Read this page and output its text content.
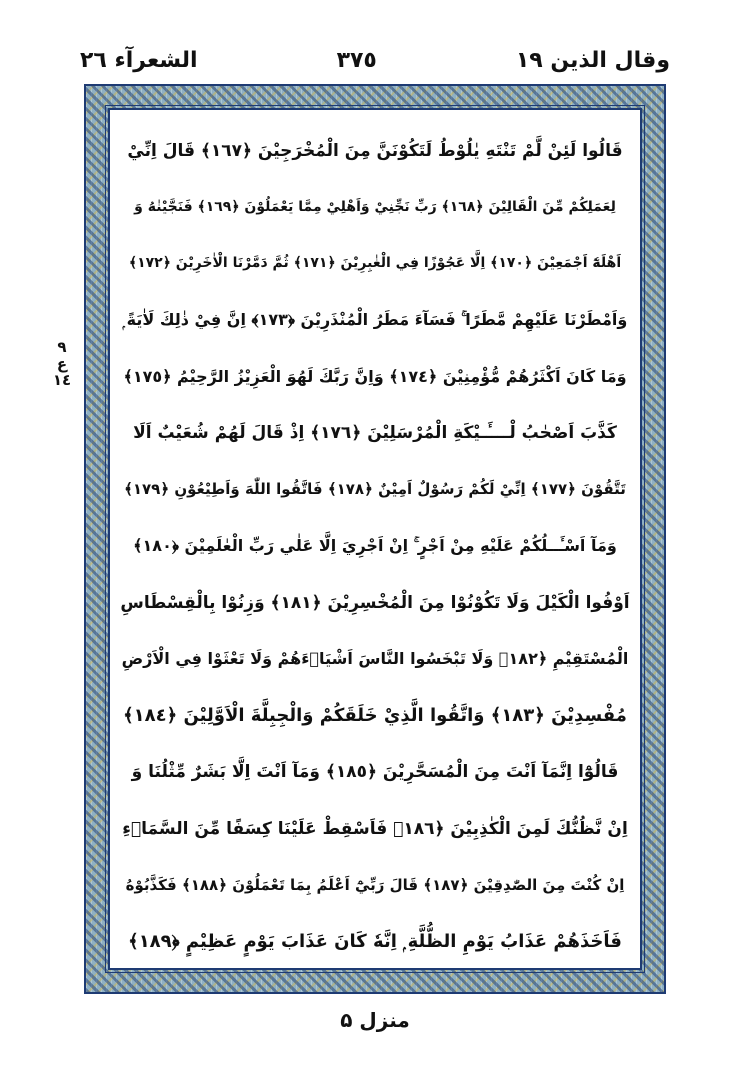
وقال الذین ١٩
٣٧٥
الشعرآء ٢٦
٩
ع
١٤
قَالُوا لَئِنْ لَّمْ تَنْتَهِ يٰلُوْطُ لَتَكُوْنَنَّ مِنَ الْمُخْرَجِيْنَ ﴿١٦٧﴾ قَالَ اِنِّيْ
لِعَمَلِكُمْ مِّنَ الْقَالِيْنَ ﴿١٦٨﴾ رَبِّ نَجِّنِيْ وَاَهْلِيْ مِمَّا يَعْمَلُوْنَ ﴿١٦٩﴾ فَنَجَّيْنٰهُ وَ
اَهْلَهٗٓ اَجْمَعِيْنَ ﴿١٧٠﴾ اِلَّا عَجُوْزًا فِي الْغٰبِرِيْنَ ﴿١٧١﴾ ثُمَّ دَمَّرْنَا الْاٰخَرِيْنَ ﴿١٧٢﴾
وَاَمْطَرْنَا عَلَيْهِمْ مَّطَرًا ۚ فَسَآءَ مَطَرُ الْمُنْذَرِيْنَ ﴿١٧٣﴾ اِنَّ فِيْ ذٰلِكَ لَاٰيَةً ۭ
وَمَا كَانَ اَكْثَرُهُمْ مُّؤْمِنِيْنَ ﴿١٧٤﴾ وَاِنَّ رَبَّكَ لَهُوَ الْعَزِيْزُ الرَّحِيْمُ ﴿١٧٥﴾
كَذَّبَ اَصْحٰبُ لْــــَٔـيْكَةِ الْمُرْسَلِيْنَ ﴿١٧٦﴾ اِذْ قَالَ لَهُمْ شُعَيْبٌ اَلَا
تَتَّقُوْنَ ﴿١٧٧﴾ اِنِّيْ لَكُمْ رَسُوْلٌ اَمِيْنٌ ﴿١٧٨﴾ فَاتَّقُوا اللّٰهَ وَاَطِيْعُوْنِ ﴿١٧٩﴾
وَمَآ اَسْـَٔــلُكُمْ عَلَيْهِ مِنْ اَجْرٍ ۚ اِنْ اَجْرِيَ اِلَّا عَلٰي رَبِّ الْعٰلَمِيْنَ ﴿١٨٠﴾
اَوْفُوا الْكَيْلَ وَلَا تَكُوْنُوْا مِنَ الْمُخْسِرِيْنَ ﴿١٨١﴾ وَزِنُوْا بِالْقِسْطَاسِ
الْمُسْتَقِيْمِ ﴿١٨٢﴾ وَلَا تَبْخَسُوا النَّاسَ اَشْيَاۗءَهُمْ وَلَا تَعْثَوْا فِي الْاَرْضِ
مُفْسِدِيْنَ ﴿١٨٣﴾ وَاتَّقُوا الَّذِيْ خَلَقَكُمْ وَالْجِبِلَّةَ الْاَوَّلِيْنَ ﴿١٨٤﴾
قَالُوْٓا اِنَّمَآ اَنْتَ مِنَ الْمُسَحَّرِيْنَ ﴿١٨٥﴾ وَمَآ اَنْتَ اِلَّا بَشَرٌ مِّثْلُنَا وَ
اِنْ نَّظُنُّكَ لَمِنَ الْكٰذِبِيْنَ ﴿١٨٦﴾ فَاَسْقِطْ عَلَيْنَا كِسَفًا مِّنَ السَّمَاۗءِ
اِنْ كُنْتَ مِنَ الصّٰدِقِيْنَ ﴿١٨٧﴾ قَالَ رَبِّيْٓ اَعْلَمُ بِمَا تَعْمَلُوْنَ ﴿١٨٨﴾ فَكَذَّبُوْهُ
فَاَخَذَهُمْ عَذَابُ يَوْمِ الظُّلَّةِ ۭ اِنَّهٗ كَانَ عَذَابَ يَوْمٍ عَظِيْمٍ ﴿١٨٩﴾
منزل ۵
